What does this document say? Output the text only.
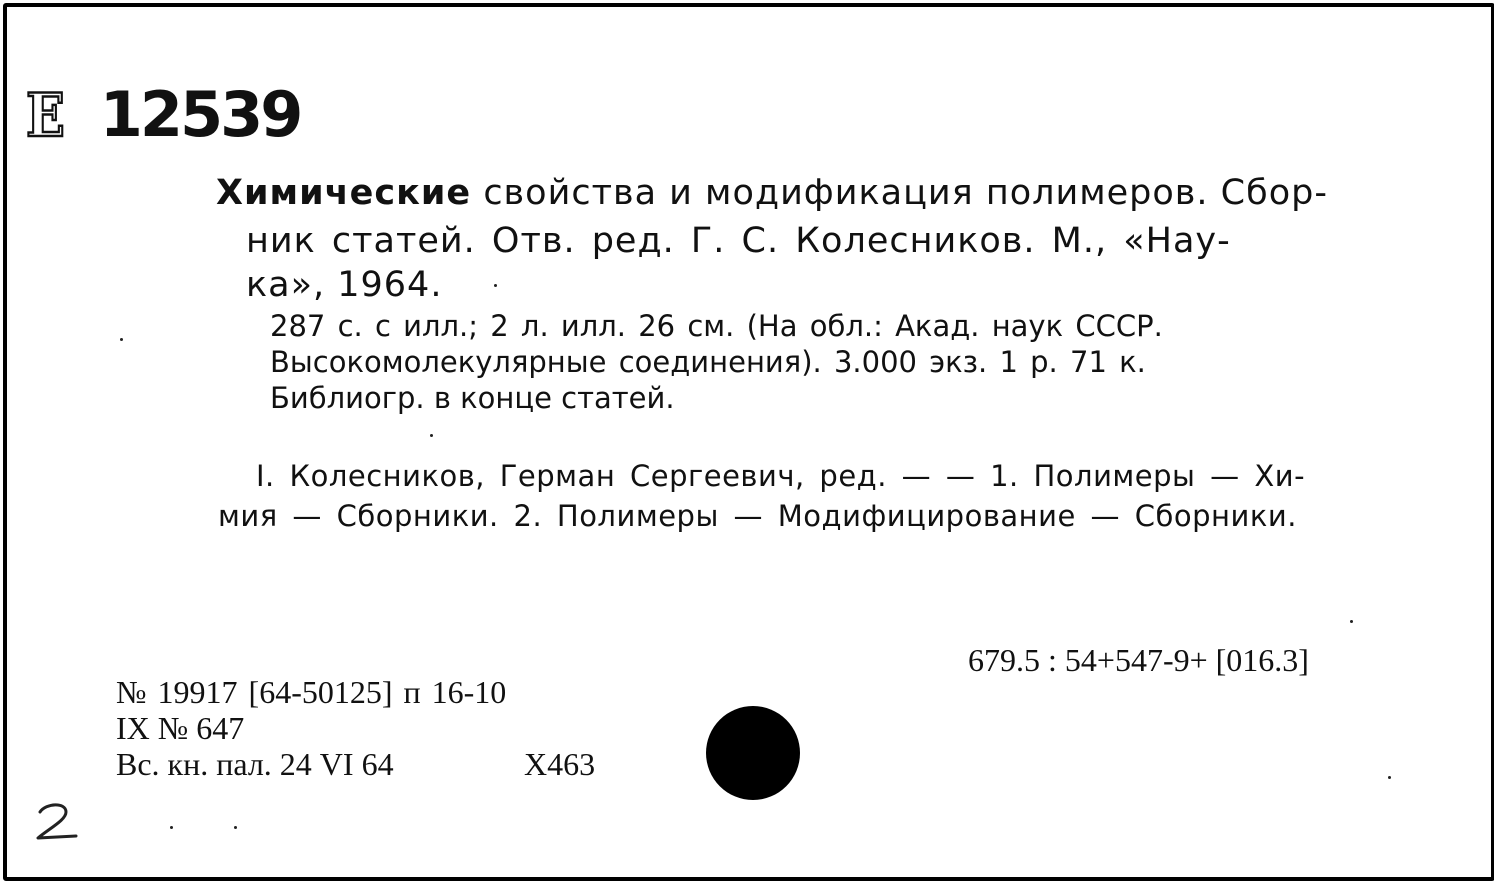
E 12539
Химические свойства и модификация полимеров. Сбор-
ник статей. Отв. ред. Г. С. Колесников. М., «Нау-
ка», 1964.
287 с. с илл.; 2 л. илл. 26 см. (На обл.: Акад. наук СССР.
Высокомолекулярные соединения). 3.000 экз. 1 р. 71 к.
Библиогр. в конце статей.
I. Колесников, Герман Сергеевич, ред. — — 1. Полимеры — Хи-
мия — Сборники. 2. Полимеры — Модифицирование — Сборники.
679.5 : 54+547-9+ [016.3]
№ 19917 [64-50125] п 16-10
IX № 647
Вс. кн. пал. 24 VI 64	X463
